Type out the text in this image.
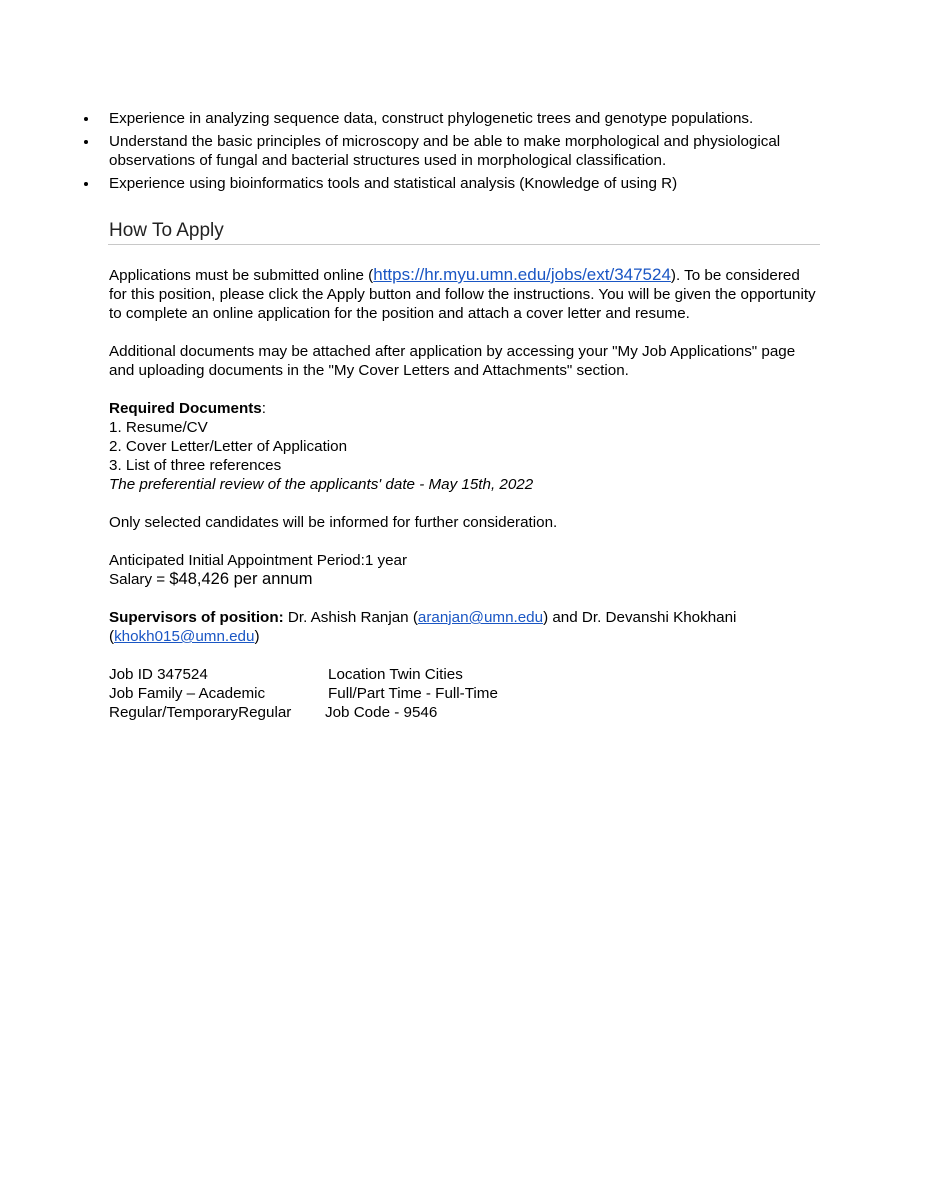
Experience in analyzing sequence data, construct phylogenetic trees and genotype populations.
Understand the basic principles of microscopy and be able to make morphological and physiological observations of fungal and bacterial structures used in morphological classification.
Experience using bioinformatics tools and statistical analysis (Knowledge of using R)
How To Apply

Applications must be submitted online (https://hr.myu.umn.edu/jobs/ext/347524). To be considered for this position, please click the Apply button and follow the instructions. You will be given the opportunity to complete an online application for the position and attach a cover letter and resume.

Additional documents may be attached after application by accessing your "My Job Applications" page and uploading documents in the "My Cover Letters and Attachments" section.

Required Documents:

1. Resume/CV

2. Cover Letter/Letter of Application

3. List of three references

The preferential review of the applicants' date - May 15th, 2022

Only selected candidates will be informed for further consideration.

Anticipated Initial Appointment Period:1 year

Salary = $48,426 per annum

Supervisors of position: Dr. Ashish Ranjan (aranjan@umn.edu) and Dr. Devanshi Khokhani (khokh015@umn.edu)

Job ID 347524	Location Twin Cities
Job Family – Academic	Full/Part Time - Full-Time
Regular/TemporaryRegular	Job Code - 9546
